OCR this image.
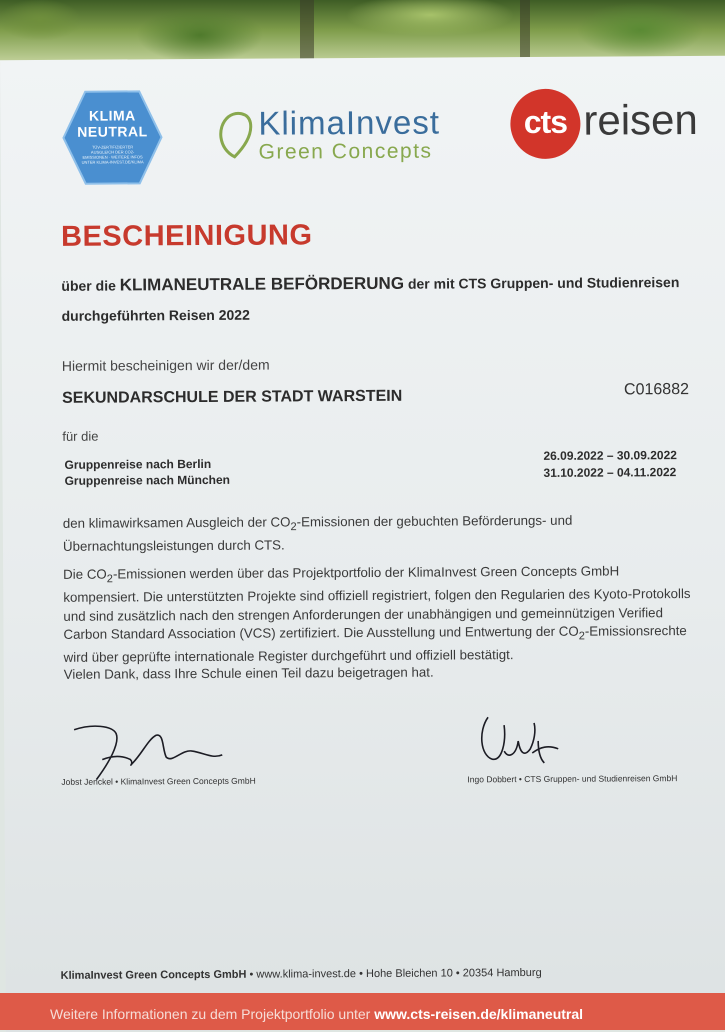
KLIMA
NEUTRAL
TÜV-ZERTIFIZIERTER AUSGLEICH DER CO2-EMISSIONEN · WEITERE INFOS UNTER KLIMA-INVEST.DE/KLIMA
KlimaInvest
Green Concepts
cts reisen
BESCHEINIGUNG
über die KLIMANEUTRALE BEFÖRDERUNG der mit CTS Gruppen- und Studienreisen
durchgeführten Reisen 2022
Hiermit bescheinigen wir der/dem
SEKUNDARSCHULE DER STADT WARSTEIN	C016882
für die
Gruppenreise nach Berlin
26.09.2022 – 30.09.2022
Gruppenreise nach München
31.10.2022 – 04.11.2022
den klimawirksamen Ausgleich der $CO_2$-Emissionen der gebuchten Beförderungs- und Übernachtungsleistungen durch CTS.
Die $CO_2$-Emissionen werden über das Projektportfolio der KlimaInvest Green Concepts GmbH kompensiert. Die unterstützten Projekte sind offiziell registriert, folgen den Regularien des Kyoto-Protokolls und sind zusätzlich nach den strengen Anforderungen der unabhängigen und gemeinnützigen Verified Carbon Standard Association (VCS) zertifiziert. Die Ausstellung und Entwertung der $CO_2$-Emissionsrechte wird über geprüfte internationale Register durchgeführt und offiziell bestätigt.
Vielen Dank, dass Ihre Schule einen Teil dazu beigetragen hat.
Jobst Jenckel • KlimaInvest Green Concepts GmbH	Ingo Dobbert • CTS Gruppen- und Studienreisen GmbH
KlimaInvest Green Concepts GmbH • www.klima-invest.de • Hohe Bleichen 10 • 20354 Hamburg
Weitere Informationen zu dem Projektportfolio unter www.cts-reisen.de/klimaneutral
